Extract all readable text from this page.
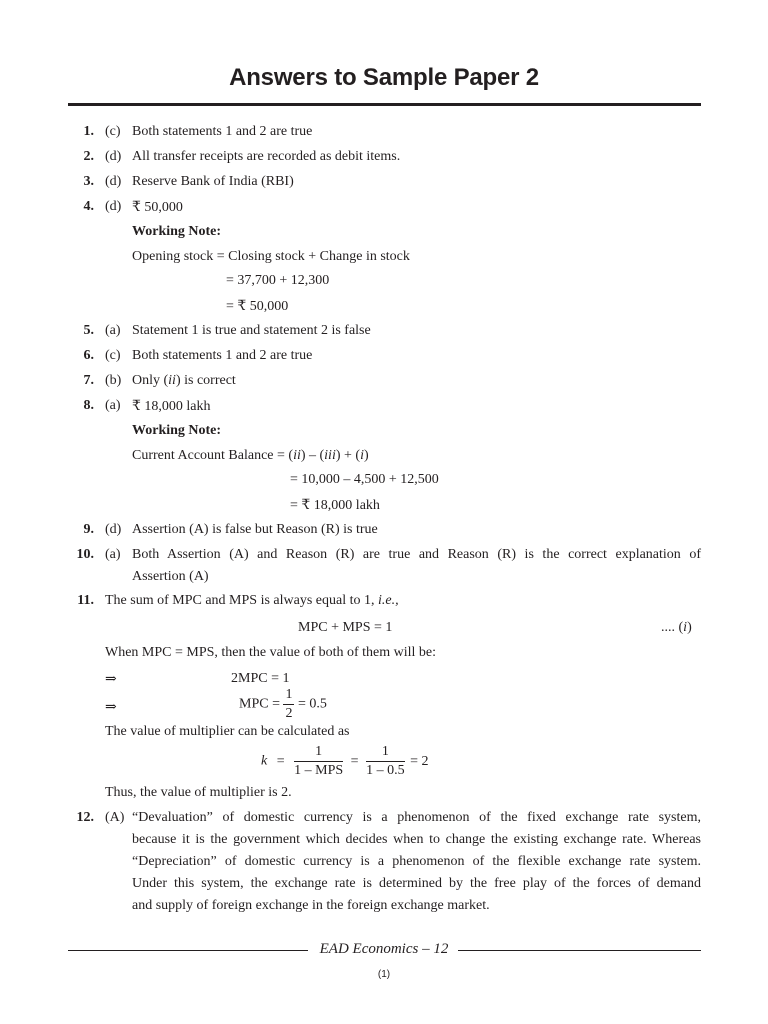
Answers to Sample Paper 2
1. (c) Both statements 1 and 2 are true
2. (d) All transfer receipts are recorded as debit items.
3. (d) Reserve Bank of India (RBI)
4. (d) ₹ 50,000
Working Note:
Opening stock = Closing stock + Change in stock
= 37,700 + 12,300
= ₹ 50,000
5. (a) Statement 1 is true and statement 2 is false
6. (c) Both statements 1 and 2 are true
7. (b) Only (ii) is correct
8. (a) ₹ 18,000 lakh
Working Note:
Current Account Balance = (ii) – (iii) + (i)
= 10,000 – 4,500 + 12,500
= ₹ 18,000 lakh
9. (d) Assertion (A) is false but Reason (R) is true
10. (a) Both Assertion (A) and Reason (R) are true and Reason (R) is the correct explanation of
Assertion (A)
11. The sum of MPC and MPS is always equal to 1, i.e.,
MPC + MPS = 1	.... (i)
When MPC = MPS, then the value of both of them will be:
⇒	2MPC = 1
⇒	MPC = $\frac{1}{2} = 0.5$
The value of multiplier can be calculated as
$k = \frac{1}{\text{1 – MPS}} = \frac{1}{1 - 0.5} = 2$
Thus, the value of multiplier is 2.
12. (A) “Devaluation” of domestic currency is a phenomenon of the fixed exchange rate system,
because it is the government which decides when to change the existing exchange rate. Whereas
“Depreciation” of domestic currency is a phenomenon of the flexible exchange rate system.
Under this system, the exchange rate is determined by the free play of the forces of demand
and supply of foreign exchange in the foreign exchange market.
EAD Economics – 12
(1)
